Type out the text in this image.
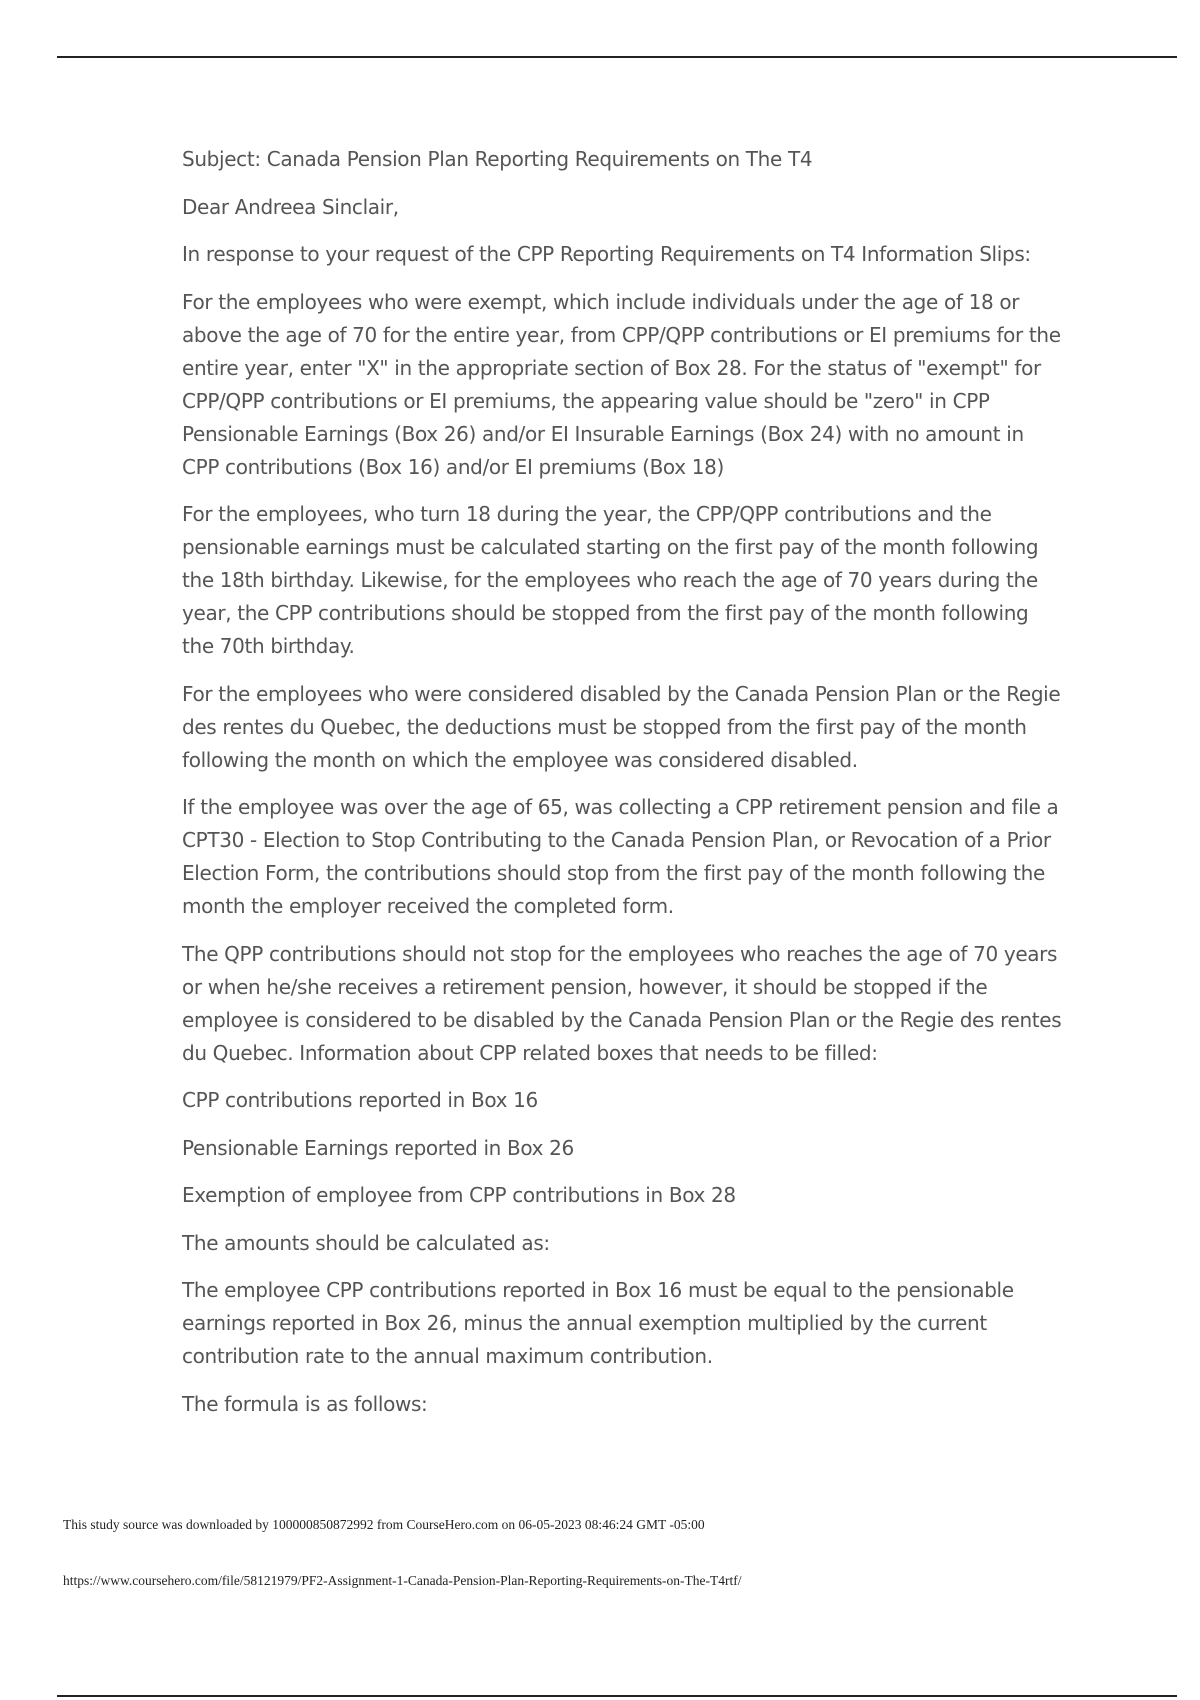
Subject: Canada Pension Plan Reporting Requirements on The T4

Dear Andreea Sinclair,

In response to your request of the CPP Reporting Requirements on T4 Information Slips:

For the employees who were exempt, which include individuals under the age of 18 or above the age of 70 for the entire year, from CPP/QPP contributions or EI premiums for the entire year, enter "X" in the appropriate section of Box 28. For the status of "exempt" for CPP/QPP contributions or EI premiums, the appearing value should be "zero" in CPP Pensionable Earnings (Box 26) and/or EI Insurable Earnings (Box 24) with no amount in CPP contributions (Box 16) and/or EI premiums (Box 18)

For the employees, who turn 18 during the year, the CPP/QPP contributions and the pensionable earnings must be calculated starting on the first pay of the month following the 18th birthday. Likewise, for the employees who reach the age of 70 years during the year, the CPP contributions should be stopped from the first pay of the month following the 70th birthday.

For the employees who were considered disabled by the Canada Pension Plan or the Regie des rentes du Quebec, the deductions must be stopped from the first pay of the month following the month on which the employee was considered disabled.

If the employee was over the age of 65, was collecting a CPP retirement pension and file a CPT30 - Election to Stop Contributing to the Canada Pension Plan, or Revocation of a Prior Election Form, the contributions should stop from the first pay of the month following the month the employer received the completed form.

The QPP contributions should not stop for the employees who reaches the age of 70 years or when he/she receives a retirement pension, however, it should be stopped if the employee is considered to be disabled by the Canada Pension Plan or the Regie des rentes du Quebec. Information about CPP related boxes that needs to be filled:

CPP contributions reported in Box 16

Pensionable Earnings reported in Box 26

Exemption of employee from CPP contributions in Box 28

The amounts should be calculated as:

The employee CPP contributions reported in Box 16 must be equal to the pensionable earnings reported in Box 26, minus the annual exemption multiplied by the current contribution rate to the annual maximum contribution.

The formula is as follows:

This study source was downloaded by 100000850872992 from CourseHero.com on 06-05-2023 08:46:24 GMT -05:00
https://www.coursehero.com/file/58121979/PF2-Assignment-1-Canada-Pension-Plan-Reporting-Requirements-on-The-T4rtf/
